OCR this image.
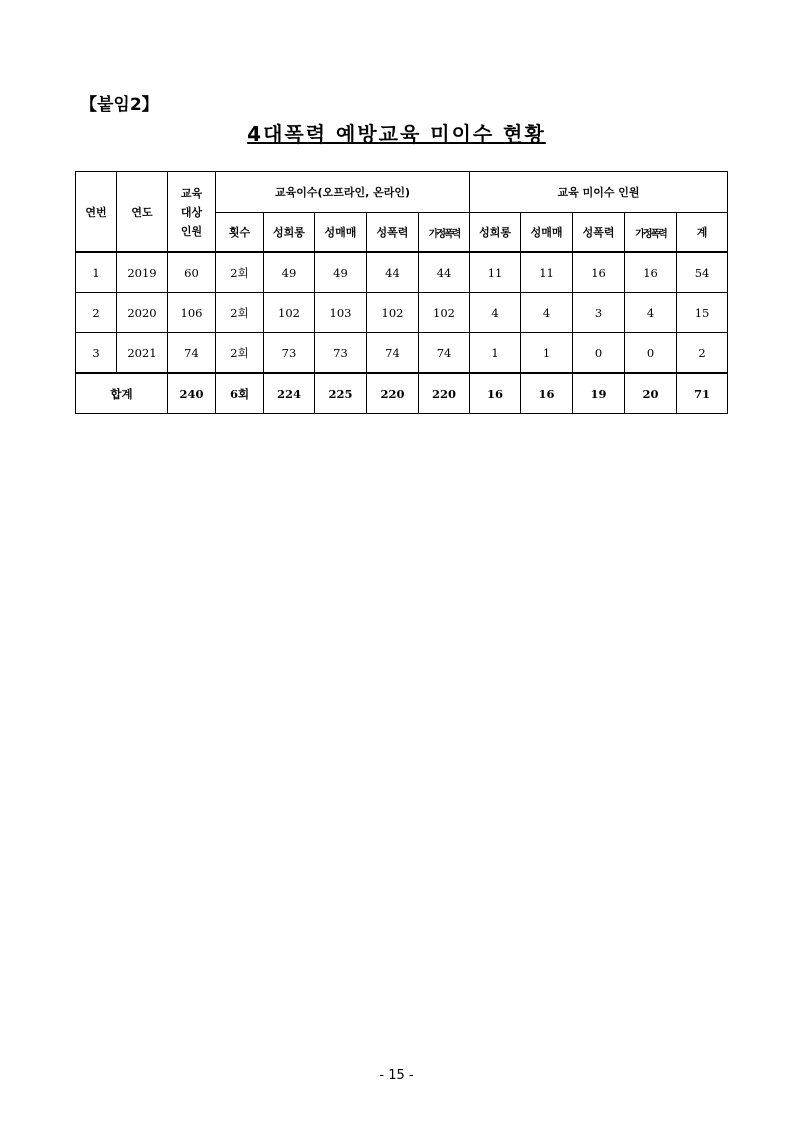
【붙임2】
4대폭력 예방교육 미이수 현황
연번	연도	교육
대상
인원	교육이수(오프라인, 온라인)					교육 미이수 인원				
			횟수	성희롱	성매매	성폭력	가정폭력	성희롱	성매매	성폭력	가정폭력	계
1	2019	60	2회	49	49	44	44	11	11	16	16	54
2	2020	106	2회	102	103	102	102	4	4	3	4	15
3	2021	74	2회	73	73	74	74	1	1	0	0	2
합계		240	6회	224	225	220	220	16	16	19	20	71
- 15 -
